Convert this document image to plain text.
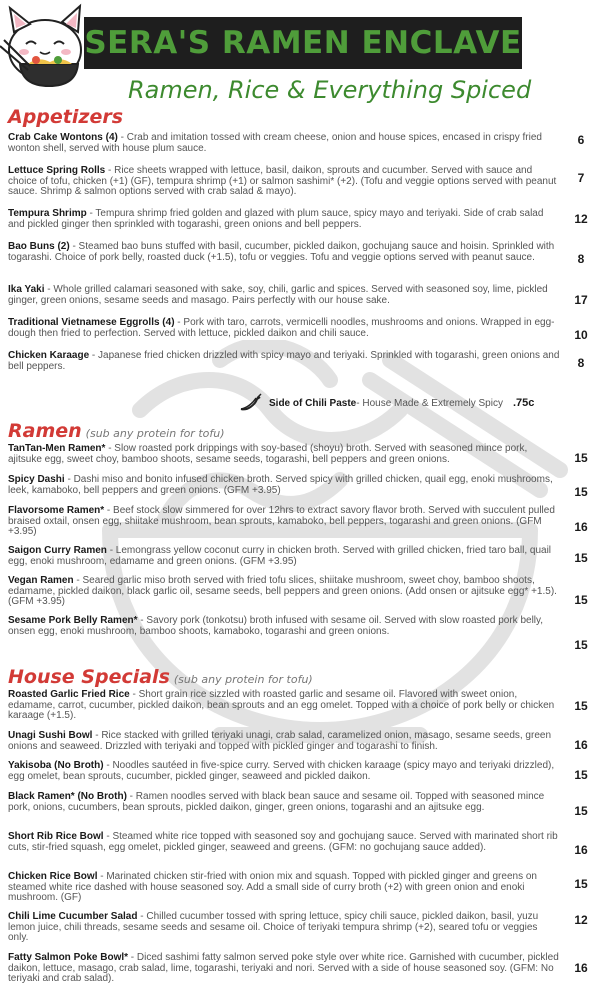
SERA'S RAMEN ENCLAVE
Ramen, Rice & Everything Spiced
Appetizers
Crab Cake Wontons (4) - Crab and imitation tossed with cream cheese, onion and house spices, encased in crispy fried wonton shell, served with house plum sauce.
6
Lettuce Spring Rolls - Rice sheets wrapped with lettuce, basil, daikon, sprouts and cucumber. Served with sauce and choice of tofu, chicken (+1) (GF), tempura shrimp (+1) or salmon sashimi* (+2). (Tofu and veggie options served with peanut sauce. Shrimp & salmon options served with crab salad & mayo).
7
Tempura Shrimp - Tempura shrimp fried golden and glazed with plum sauce, spicy mayo and teriyaki. Side of crab salad and pickled ginger then sprinkled with togarashi, green onions and bell peppers.	12
Bao Buns (2) - Steamed bao buns stuffed with basil, cucumber, pickled daikon, gochujang sauce and hoisin. Sprinkled with togarashi. Choice of pork belly, roasted duck (+1.5), tofu or veggies. Tofu and veggie options served with peanut sauce.	8
Ika Yaki - Whole grilled calamari seasoned with sake, soy, chili, garlic and spices. Served with seasoned soy, lime, pickled ginger, green onions, sesame seeds and masago. Pairs perfectly with our house sake.	17
Traditional Vietnamese Eggrolls (4) - Pork with taro, carrots, vermicelli noodles, mushrooms and onions. Wrapped in egg-dough then fried to perfection. Served with lettuce, pickled daikon and chili sauce.	10
Chicken Karaage - Japanese fried chicken drizzled with spicy mayo and teriyaki. Sprinkled with togarashi, green onions and bell peppers.	8
Side of Chili Paste - House Made & Extremely Spicy .75c
Ramen (sub any protein for tofu)
TanTan-Men Ramen* - Slow roasted pork drippings with soy-based (shoyu) broth. Served with seasoned mince pork, ajitsuke egg, sweet choy, bamboo shoots, sesame seeds, togarashi, bell peppers and green onions.	15
Spicy Dashi - Dashi miso and bonito infused chicken broth. Served spicy with grilled chicken, quail egg, enoki mushrooms, leek, kamaboko, bell peppers and green onions. (GFM +3.95)	15
Flavorsome Ramen* - Beef stock slow simmered for over 12hrs to extract savory flavor broth. Served with succulent pulled braised oxtail, onsen egg, shiitake mushroom, bean sprouts, kamaboko, bell peppers, togarashi and green onions. (GFM +3.95)	16
Saigon Curry Ramen - Lemongrass yellow coconut curry in chicken broth. Served with grilled chicken, fried taro ball, quail egg, enoki mushroom, edamame and green onions. (GFM +3.95)	15
Vegan Ramen - Seared garlic miso broth served with fried tofu slices, shiitake mushroom, sweet choy, bamboo shoots, edamame, pickled daikon, black garlic oil, sesame seeds, bell peppers and green onions. (Add onsen or ajitsuke egg* +1.5). (GFM +3.95)	15
Sesame Pork Belly Ramen* - Savory pork (tonkotsu) broth infused with sesame oil. Served with slow roasted pork belly, onsen egg, enoki mushroom, bamboo shoots, kamaboko, togarashi and green onions.
15
House Specials (sub any protein for tofu)
Roasted Garlic Fried Rice - Short grain rice sizzled with roasted garlic and sesame oil. Flavored with sweet onion, edamame, carrot, cucumber, pickled daikon, bean sprouts and an egg omelet. Topped with a choice of pork belly or chicken karaage (+1.5).
15
Unagi Sushi Bowl - Rice stacked with grilled teriyaki unagi, crab salad, caramelized onion, masago, sesame seeds, green onions and seaweed. Drizzled with teriyaki and topped with pickled ginger and togarashi to finish.	16
Yakisoba (No Broth) - Noodles sautéed in five-spice curry. Served with chicken karaage (spicy mayo and teriyaki drizzled), egg omelet, bean sprouts, cucumber, pickled ginger, seaweed and pickled daikon.	15
Black Ramen* (No Broth) - Ramen noodles served with black bean sauce and sesame oil. Topped with seasoned mince pork, onions, cucumbers, bean sprouts, pickled daikon, ginger, green onions, togarashi and an ajitsuke egg.	15
Short Rib Rice Bowl - Steamed white rice topped with seasoned soy and gochujang sauce. Served with marinated short rib cuts, stir-fried squash, egg omelet, pickled ginger, seaweed and greens. (GFM: no gochujang sauce added).	16
Chicken Rice Bowl - Marinated chicken stir-fried with onion mix and squash. Topped with pickled ginger and greens on steamed white rice dashed with house seasoned soy. Add a small side of curry broth (+2) with green onion and enoki mushroom. (GF)
15
Chili Lime Cucumber Salad - Chilled cucumber tossed with spring lettuce, spicy chili sauce, pickled daikon, basil, yuzu lemon juice, chili threads, sesame seeds and sesame oil. Choice of teriyaki tempura shrimp (+2), seared tofu or veggies only.
12
Fatty Salmon Poke Bowl* - Diced sashimi fatty salmon served poke style over white rice. Garnished with cucumber, pickled daikon, lettuce, masago, crab salad, lime, togarashi, teriyaki and nori. Served with a side of house seasoned soy. (GFM: No teriyaki and crab salad).
16
